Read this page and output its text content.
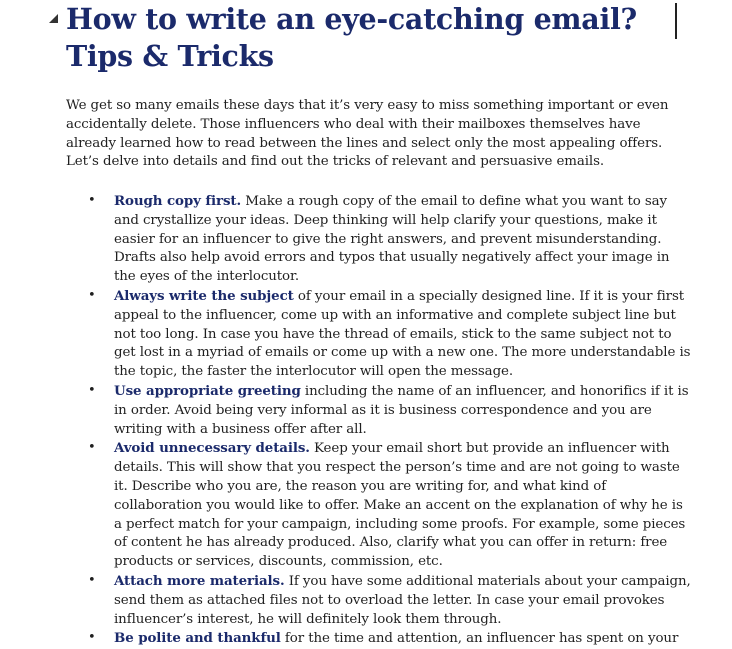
How to write an eye-catching email? Tips & Tricks

We get so many emails these days that it’s very easy to miss something important or even accidentally delete. Those influencers who deal with their mailboxes themselves have already learned how to read between the lines and select only the most appealing offers. Let’s delve into details and find out the tricks of relevant and persuasive emails.

• Rough copy first. Make a rough copy of the email to define what you want to say and crystallize your ideas. Deep thinking will help clarify your questions, make it easier for an influencer to give the right answers, and prevent misunderstanding. Drafts also help avoid errors and typos that usually negatively affect your image in the eyes of the interlocutor.
• Always write the subject of your email in a specially designed line. If it is your first appeal to the influencer, come up with an informative and complete subject line but not too long. In case you have the thread of emails, stick to the same subject not to get lost in a myriad of emails or come up with a new one. The more understandable is the topic, the faster the interlocutor will open the message.
• Use appropriate greeting including the name of an influencer, and honorifics if it is in order. Avoid being very informal as it is business correspondence and you are writing with a business offer after all.
• Avoid unnecessary details. Keep your email short but provide an influencer with details. This will show that you respect the person’s time and are not going to waste it. Describe who you are, the reason you are writing for, and what kind of collaboration you would like to offer. Make an accent on the explanation of why he is a perfect match for your campaign, including some proofs. For example, some pieces of content he has already produced. Also, clarify what you can offer in return: free products or services, discounts, commission, etc.
• Attach more materials. If you have some additional materials about your campaign, send them as attached files not to overload the letter. In case your email provokes influencer’s interest, he will definitely look them through.
• Be polite and thankful for the time and attention, an influencer has spent on your
